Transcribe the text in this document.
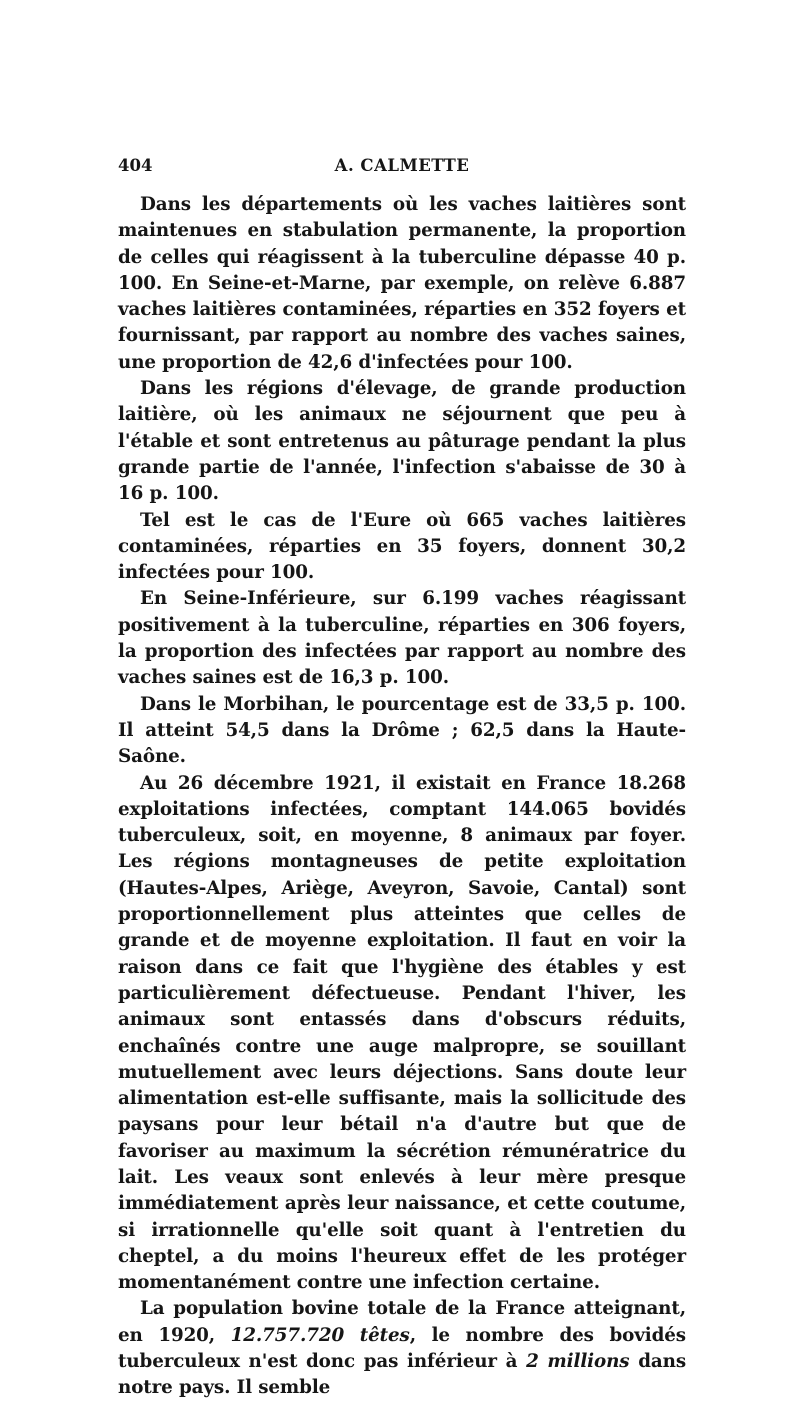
404	A. CALMETTE

Dans les départements où les vaches laitières sont maintenues en stabulation permanente, la proportion de celles qui réagissent à la tuberculine dépasse 40 p. 100. En Seine-et-Marne, par exemple, on relève 6.887 vaches laitières contaminées, réparties en 352 foyers et fournissant, par rapport au nombre des vaches saines, une proportion de 42,6 d'infectées pour 100.

Dans les régions d'élevage, de grande production laitière, où les animaux ne séjournent que peu à l'étable et sont entretenus au pâturage pendant la plus grande partie de l'année, l'infection s'abaisse de 30 à 16 p. 100.

Tel est le cas de l'Eure où 665 vaches laitières contaminées, réparties en 35 foyers, donnent 30,2 infectées pour 100.

En Seine-Inférieure, sur 6.199 vaches réagissant positivement à la tuberculine, réparties en 306 foyers, la proportion des infectées par rapport au nombre des vaches saines est de 16,3 p. 100.

Dans le Morbihan, le pourcentage est de 33,5 p. 100. Il atteint 54,5 dans la Drôme ; 62,5 dans la Haute-Saône.

Au 26 décembre 1921, il existait en France 18.268 exploitations infectées, comptant 144.065 bovidés tuberculeux, soit, en moyenne, 8 animaux par foyer. Les régions montagneuses de petite exploitation (Hautes-Alpes, Ariège, Aveyron, Savoie, Cantal) sont proportionnellement plus atteintes que celles de grande et de moyenne exploitation. Il faut en voir la raison dans ce fait que l'hygiène des étables y est particulièrement défectueuse. Pendant l'hiver, les animaux sont entassés dans d'obscurs réduits, enchaînés contre une auge malpropre, se souillant mutuellement avec leurs déjections. Sans doute leur alimentation est-elle suffisante, mais la sollicitude des paysans pour leur bétail n'a d'autre but que de favoriser au maximum la sécrétion rémunératrice du lait. Les veaux sont enlevés à leur mère presque immédiatement après leur naissance, et cette coutume, si irrationnelle qu'elle soit quant à l'entretien du cheptel, a du moins l'heureux effet de les protéger momentanément contre une infection certaine.

La population bovine totale de la France atteignant, en 1920, 12.757.720 têtes, le nombre des bovidés tuberculeux n'est donc pas inférieur à 2 millions dans notre pays. Il semble
